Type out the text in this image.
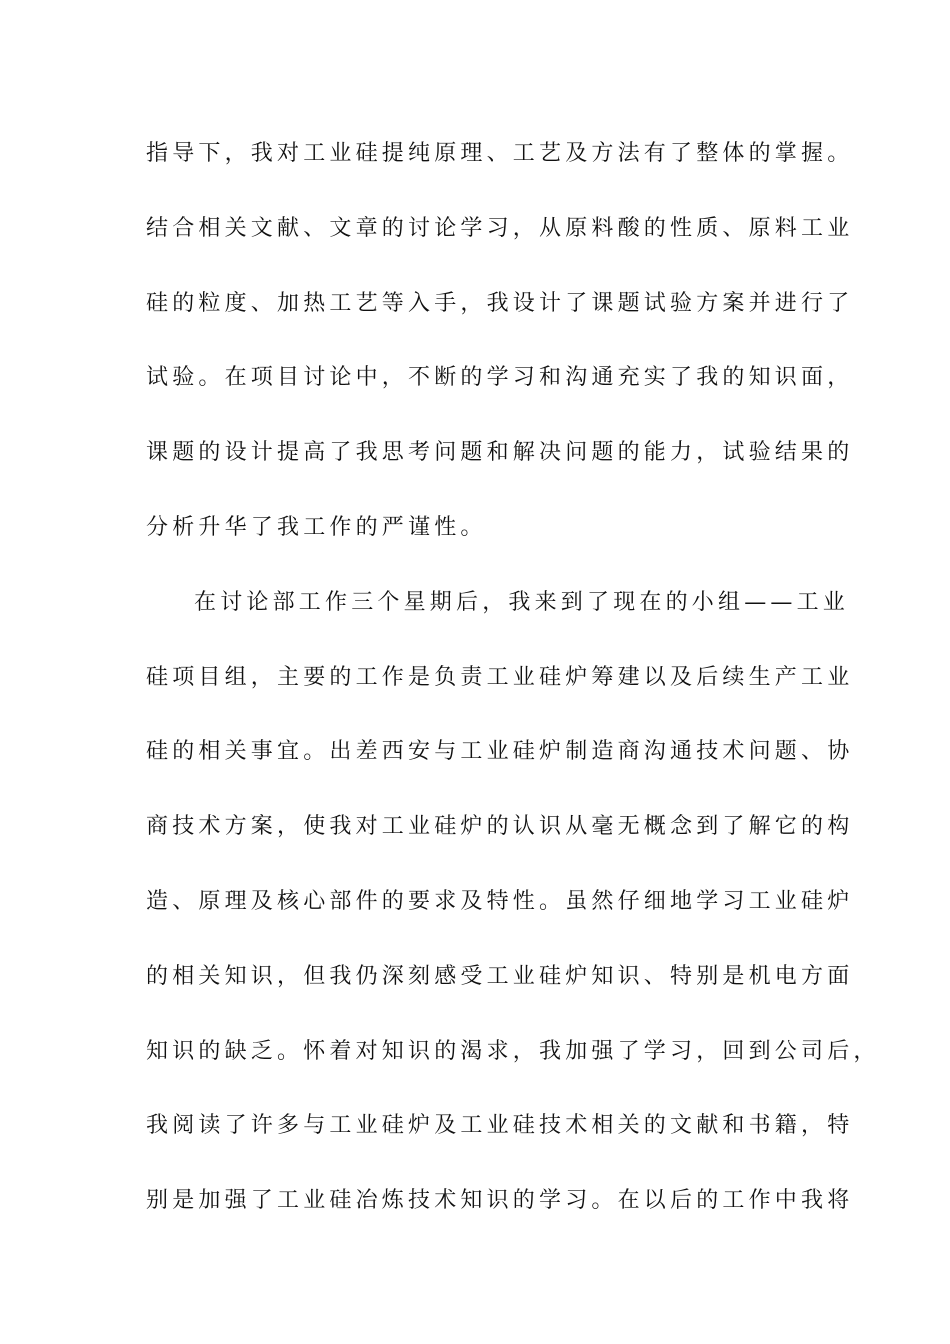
指导下，我对工业硅提纯原理、工艺及方法有了整体的掌握。
结合相关文献、文章的讨论学习，从原料酸的性质、原料工业
硅的粒度、加热工艺等入手，我设计了课题试验方案并进行了
试验。在项目讨论中，不断的学习和沟通充实了我的知识面，
课题的设计提高了我思考问题和解决问题的能力，试验结果的
分析升华了我工作的严谨性。
在讨论部工作三个星期后，我来到了现在的小组——工业
硅项目组，主要的工作是负责工业硅炉筹建以及后续生产工业
硅的相关事宜。出差西安与工业硅炉制造商沟通技术问题、协
商技术方案，使我对工业硅炉的认识从毫无概念到了解它的构
造、原理及核心部件的要求及特性。虽然仔细地学习工业硅炉
的相关知识，但我仍深刻感受工业硅炉知识、特别是机电方面
知识的缺乏。怀着对知识的渴求，我加强了学习，回到公司后，
我阅读了许多与工业硅炉及工业硅技术相关的文献和书籍，特
别是加强了工业硅冶炼技术知识的学习。在以后的工作中我将
